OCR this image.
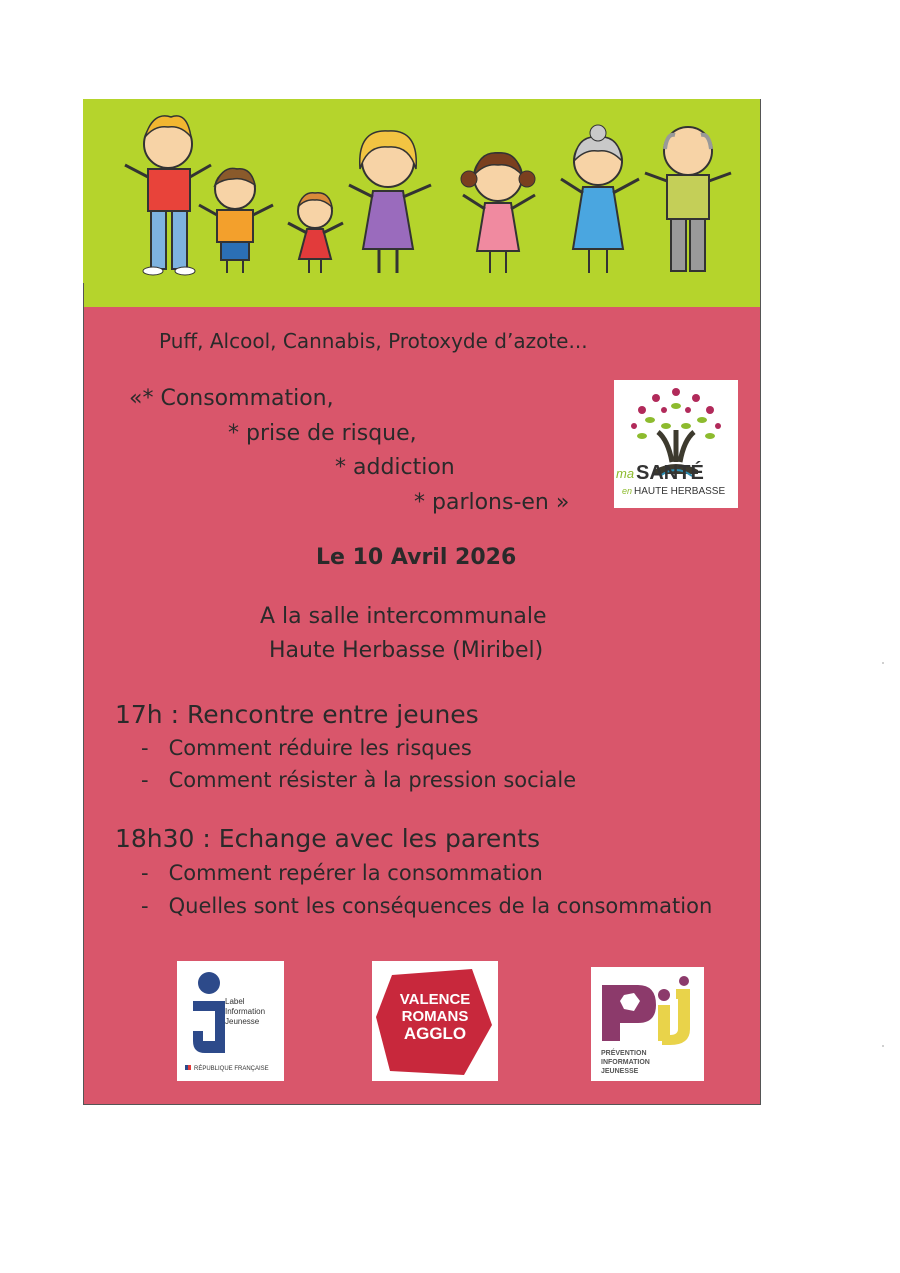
Puff, Alcool, Cannabis, Protoxyde d’azote...
«* Consommation,
* prise de risque,
* addiction
* parlons-en »
ma SANTÉ
en HAUTE HERBASSE
Le 10 Avril 2026
A la salle intercommunale
Haute Herbasse (Miribel)
17h : Rencontre entre jeunes
-   Comment réduire les risques
-   Comment résister à la pression sociale
18h30 : Echange avec les parents
-   Comment repérer la consommation
-   Quelles sont les conséquences de la consommation
Label
Information
Jeunesse
RÉPUBLIQUE FRANÇAISE
VALENCE
ROMANS
AGGLO
PRÉVENTION
INFORMATION
JEUNESSE
